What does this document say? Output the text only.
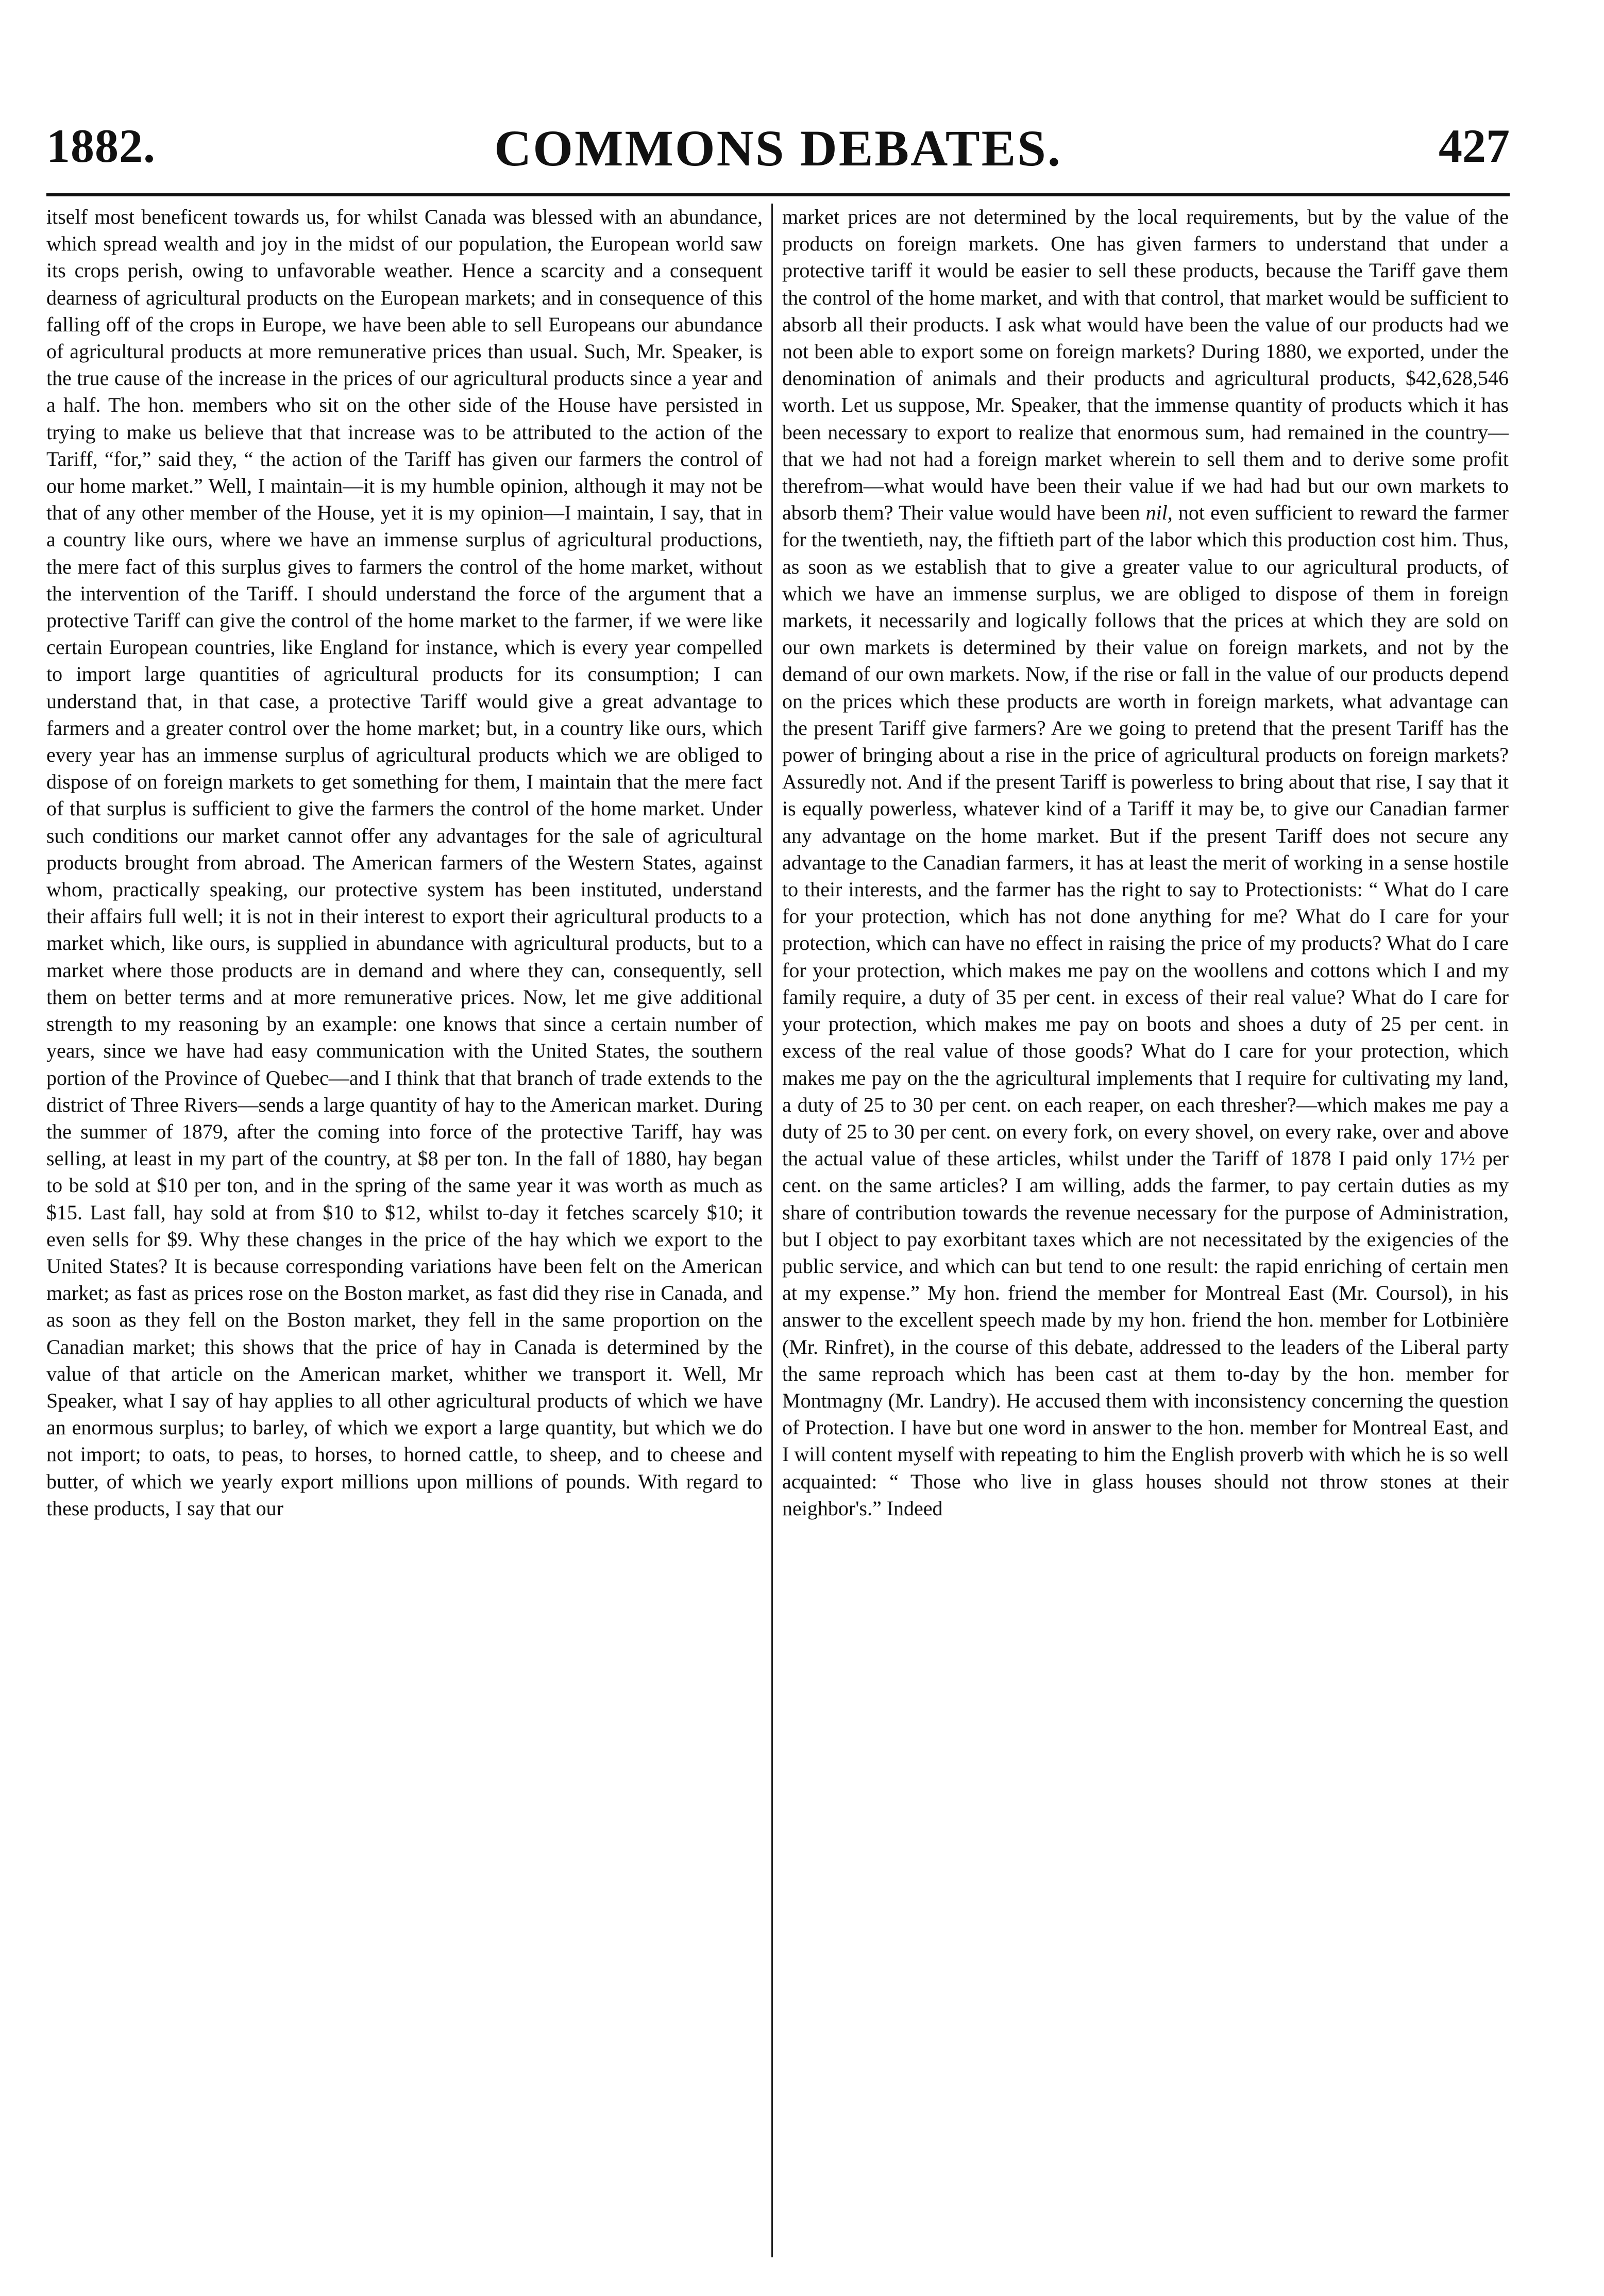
1882.	COMMONS DEBATES.	427

itself most beneficent towards us, for whilst Canada was blessed with an abundance, which spread wealth and joy in the midst of our population, the European world saw its crops perish, owing to unfavorable weather. Hence a scarcity and a consequent dearness of agricultural products on the European markets; and in consequence of this falling off of the crops in Europe, we have been able to sell Europeans our abundance of agricultural products at more remunerative prices than usual. Such, Mr. Speaker, is the true cause of the increase in the prices of our agricultural products since a year and a half. The hon. members who sit on the other side of the House have persisted in trying to make us believe that that increase was to be attributed to the action of the Tariff, “for,” said they, “ the action of the Tariff has given our farmers the control of our home market.” Well, I maintain—it is my humble opinion, although it may not be that of any other member of the House, yet it is my opinion—I maintain, I say, that in a country like ours, where we have an immense surplus of agricultural productions, the mere fact of this surplus gives to farmers the control of the home market, without the intervention of the Tariff. I should understand the force of the argument that a protective Tariff can give the control of the home market to the farmer, if we were like certain European countries, like England for instance, which is every year compelled to import large quantities of agricultural products for its consumption; I can understand that, in that case, a protective Tariff would give a great advantage to farmers and a greater control over the home market; but, in a country like ours, which every year has an immense surplus of agricultural products which we are obliged to dispose of on foreign markets to get something for them, I maintain that the mere fact of that surplus is sufficient to give the farmers the control of the home market. Under such conditions our market cannot offer any advantages for the sale of agricultural products brought from abroad. The American farmers of the Western States, against whom, practically speaking, our protective system has been instituted, understand their affairs full well; it is not in their interest to export their agricultural products to a market which, like ours, is supplied in abundance with agricultural products, but to a market where those products are in demand and where they can, consequently, sell them on better terms and at more remunerative prices. Now, let me give additional strength to my reasoning by an example: one knows that since a certain number of years, since we have had easy communication with the United States, the southern portion of the Province of Quebec—and I think that that branch of trade extends to the district of Three Rivers—sends a large quantity of hay to the American market. During the summer of 1879, after the coming into force of the protective Tariff, hay was selling, at least in my part of the country, at $8 per ton. In the fall of 1880, hay began to be sold at $10 per ton, and in the spring of the same year it was worth as much as $15. Last fall, hay sold at from $10 to $12, whilst to-day it fetches scarcely $10; it even sells for $9. Why these changes in the price of the hay which we export to the United States? It is because corresponding variations have been felt on the American market; as fast as prices rose on the Boston market, as fast did they rise in Canada, and as soon as they fell on the Boston market, they fell in the same proportion on the Canadian market; this shows that the price of hay in Canada is determined by the value of that article on the American market, whither we transport it. Well, Mr Speaker, what I say of hay applies to all other agricultural products of which we have an enormous surplus; to barley, of which we export a large quantity, but which we do not import; to oats, to peas, to horses, to horned cattle, to sheep, and to cheese and butter, of which we yearly export millions upon millions of pounds. With regard to these products, I say that our

market prices are not determined by the local requirements, but by the value of the products on foreign markets. One has given farmers to understand that under a protective tariff it would be easier to sell these products, because the Tariff gave them the control of the home market, and with that control, that market would be sufficient to absorb all their products. I ask what would have been the value of our products had we not been able to export some on foreign markets? During 1880, we exported, under the denomination of animals and their products and agricultural products, $42,628,546 worth. Let us suppose, Mr. Speaker, that the immense quantity of products which it has been necessary to export to realize that enormous sum, had remained in the country—that we had not had a foreign market wherein to sell them and to derive some profit therefrom—what would have been their value if we had had but our own markets to absorb them? Their value would have been nil, not even sufficient to reward the farmer for the twentieth, nay, the fiftieth part of the labor which this production cost him. Thus, as soon as we establish that to give a greater value to our agricultural products, of which we have an immense surplus, we are obliged to dispose of them in foreign markets, it necessarily and logically follows that the prices at which they are sold on our own markets is determined by their value on foreign markets, and not by the demand of our own markets. Now, if the rise or fall in the value of our products depend on the prices which these products are worth in foreign markets, what advantage can the present Tariff give farmers? Are we going to pretend that the present Tariff has the power of bringing about a rise in the price of agricultural products on foreign markets? Assuredly not. And if the present Tariff is powerless to bring about that rise, I say that it is equally powerless, whatever kind of a Tariff it may be, to give our Canadian farmer any advantage on the home market. But if the present Tariff does not secure any advantage to the Canadian farmers, it has at least the merit of working in a sense hostile to their interests, and the farmer has the right to say to Protectionists: “ What do I care for your protection, which has not done anything for me? What do I care for your protection, which can have no effect in raising the price of my products? What do I care for your protection, which makes me pay on the woollens and cottons which I and my family require, a duty of 35 per cent. in excess of their real value? What do I care for your protection, which makes me pay on boots and shoes a duty of 25 per cent. in excess of the real value of those goods? What do I care for your protection, which makes me pay on the the agricultural implements that I require for cultivating my land, a duty of 25 to 30 per cent. on each reaper, on each thresher?—which makes me pay a duty of 25 to 30 per cent. on every fork, on every shovel, on every rake, over and above the actual value of these articles, whilst under the Tariff of 1878 I paid only 17½ per cent. on the same articles? I am willing, adds the farmer, to pay certain duties as my share of contribution towards the revenue necessary for the purpose of Administration, but I object to pay exorbitant taxes which are not necessitated by the exigencies of the public service, and which can but tend to one result: the rapid enriching of certain men at my expense.” My hon. friend the member for Montreal East (Mr. Coursol), in his answer to the excellent speech made by my hon. friend the hon. member for Lotbinière (Mr. Rinfret), in the course of this debate, addressed to the leaders of the Liberal party the same reproach which has been cast at them to-day by the hon. member for Montmagny (Mr. Landry). He accused them with inconsistency concerning the question of Protection. I have but one word in answer to the hon. member for Montreal East, and I will content myself with repeating to him the English proverb with which he is so well acquainted: “ Those who live in glass houses should not throw stones at their neighbor's.” Indeed
